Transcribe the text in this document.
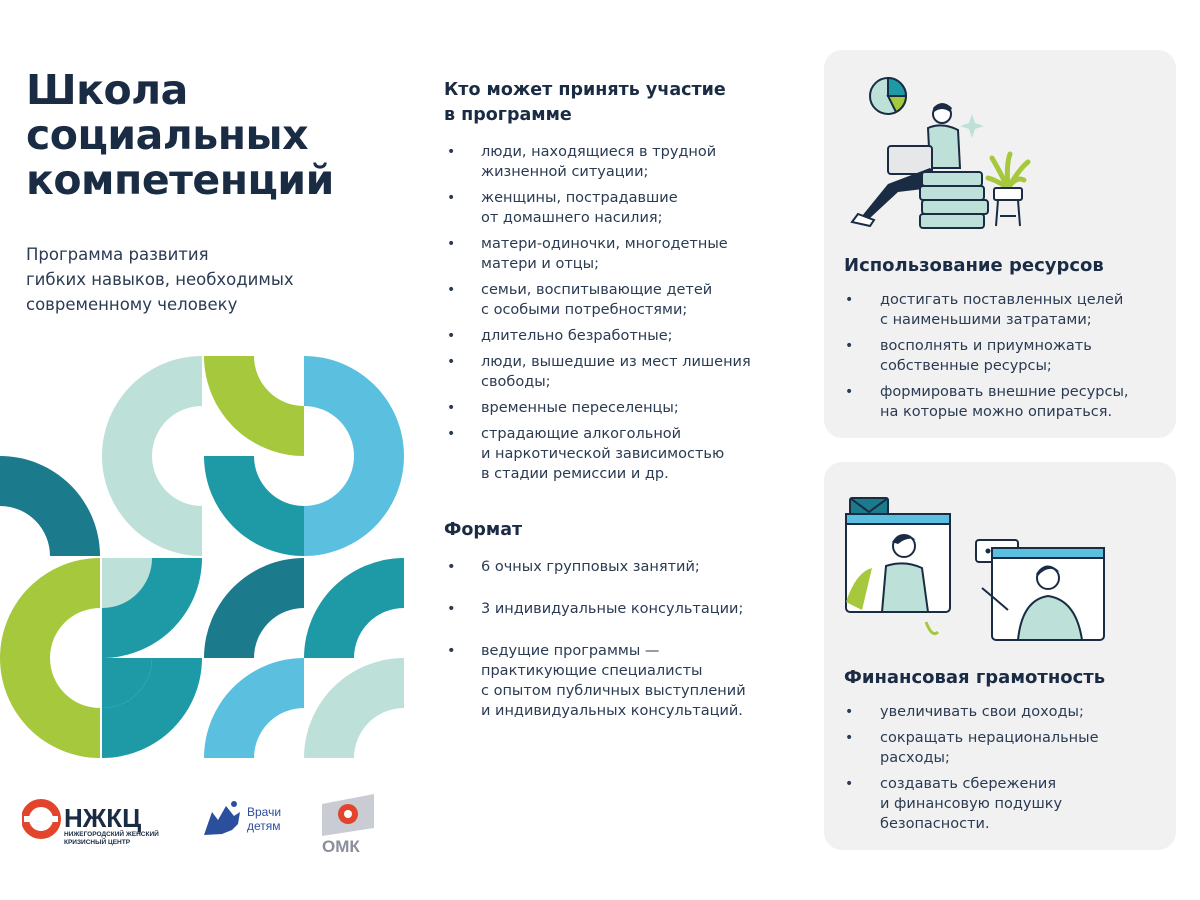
Школа
социальных
компетенций
Программа развития
гибких навыков, необходимых
современному человеку
НЖКЦ
НИЖЕГОРОДСКИЙ ЖЕНСКИЙ
КРИЗИСНЫЙ ЦЕНТР
Врачи
детям
ОМК
Кто может принять участие
в программе
• люди, находящиеся в трудной
жизненной ситуации;
• женщины, пострадавшие
от домашнего насилия;
• матери-одиночки, многодетные
матери и отцы;
• семьи, воспитывающие детей
с особыми потребностями;
• длительно безработные;
• люди, вышедшие из мест лишения
свободы;
• временные переселенцы;
• страдающие алкогольной
и наркотической зависимостью
в стадии ремиссии и др.
Формат
• 6 очных групповых занятий;
• 3 индивидуальные консультации;
• ведущие программы —
практикующие специалисты
с опытом публичных выступлений
и индивидуальных консультаций.
Использование ресурсов
• достигать поставленных целей
с наименьшими затратами;
• восполнять и приумножать
собственные ресурсы;
• формировать внешние ресурсы,
на которые можно опираться.
Финансовая грамотность
• увеличивать свои доходы;
• сокращать нерациональные
расходы;
• создавать сбережения
и финансовую подушку
безопасности.
